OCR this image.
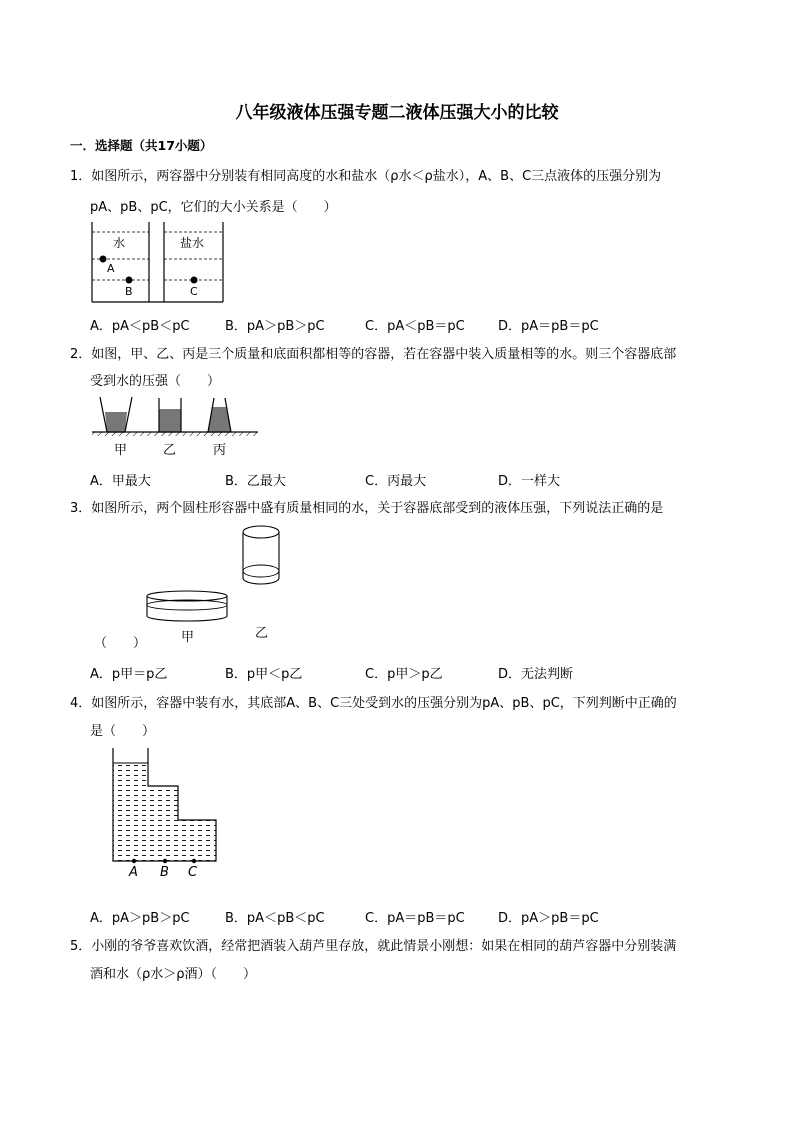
八年级液体压强专题二液体压强大小的比较
一．选择题（共17小题）
1．如图所示，两容器中分别装有相同高度的水和盐水（ρ水＜ρ盐水），A、B、C三点液体的压强分别为
pA、pB、pC，它们的大小关系是（　　）
水	盐水
A
B	C
A．pA＜pB＜pC	B．pA＞pB＞pC	C．pA＜pB＝pC	D．pA＝pB＝pC
2．如图，甲、乙、丙是三个质量和底面积都相等的容器，若在容器中装入质量相等的水。则三个容器底部
受到水的压强（　　）
甲	乙	丙
A．甲最大	B．乙最大	C．丙最大	D．一样大
3．如图所示，两个圆柱形容器中盛有质量相同的水，关于容器底部受到的液体压强，下列说法正确的是
甲	乙
（　　）
A．p甲＝p乙	B．p甲＜p乙	C．p甲＞p乙	D．无法判断
4．如图所示，容器中装有水，其底部A、B、C三处受到水的压强分别为pA、pB、pC，下列判断中正确的
是（　　）
A B C
A．pA＞pB＞pC	B．pA＜pB＜pC	C．pA＝pB＝pC	D．pA＞pB＝pC
5．小刚的爷爷喜欢饮酒，经常把酒装入葫芦里存放，就此情景小刚想：如果在相同的葫芦容器中分别装满
酒和水（ρ水＞ρ酒）（　　）
